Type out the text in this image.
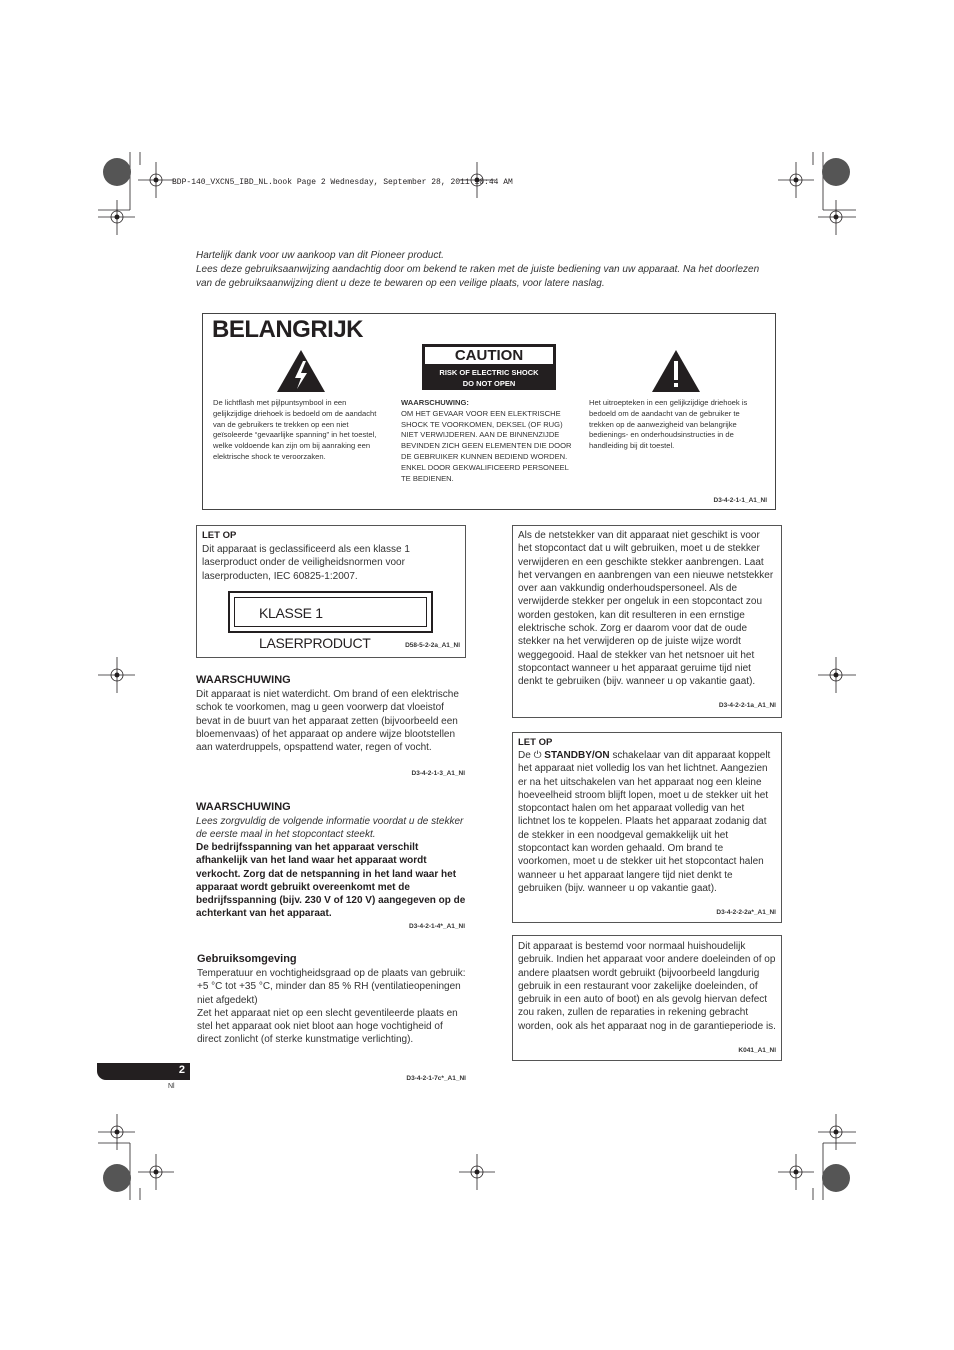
BDP-140_VXCN5_IBD_NL.book Page 2 Wednesday, September 28, 2011 10:44 AM

Hartelijk dank voor uw aankoop van dit Pioneer product.

Lees deze gebruiksaanwijzing aandachtig door om bekend te raken met de juiste bediening van uw apparaat. Na het doorlezen van de gebruiksaanwijzing dient u deze te bewaren op een veilige plaats, voor latere naslag.

BELANGRIJK
CAUTION
RISK OF ELECTRIC SHOCK
DO NOT OPEN
De lichtflash met pijlpuntsymbool in een gelijkzijdige driehoek is bedoeld om de aandacht van de gebruikers te trekken op een niet geïsoleerde “gevaarlijke spanning” in het toestel, welke voldoende kan zijn om bij aanraking een elektrische shock te veroorzaken.
WAARSCHUWING:
OM HET GEVAAR VOOR EEN ELEKTRISCHE SHOCK TE VOORKOMEN, DEKSEL (OF RUG) NIET VERWIJDEREN. AAN DE BINNENZIJDE BEVINDEN ZICH GEEN ELEMENTEN DIE DOOR DE GEBRUIKER KUNNEN BEDIEND WORDEN. ENKEL DOOR GEKWALIFICEERD PERSONEEL TE BEDIENEN.
Het uitroepteken in een gelijkzijdige driehoek is bedoeld om de aandacht van de gebruiker te trekken op de aanwezigheid van belangrijke bedienings- en onderhoudsinstructies in de handleiding bij dit toestel.
D3-4-2-1-1_A1_Nl
LET OP
Dit apparaat is geclassificeerd als een klasse 1 laserproduct onder de veiligheidsnormen voor laserproducten, IEC 60825-1:2007.
KLASSE 1 LASERPRODUCT	D58-5-2-2a_A1_Nl
WAARSCHUWING
Dit apparaat is niet waterdicht. Om brand of een elektrische schok te voorkomen, mag u geen voorwerp dat vloeistof bevat in de buurt van het apparaat zetten (bijvoorbeeld een bloemenvaas) of het apparaat op andere wijze blootstellen aan waterdruppels, opspattend water, regen of vocht.
D3-4-2-1-3_A1_Nl
WAARSCHUWING
Lees zorgvuldig de volgende informatie voordat u de stekker de eerste maal in het stopcontact steekt.
De bedrijfsspanning van het apparaat verschilt afhankelijk van het land waar het apparaat wordt verkocht. Zorg dat de netspanning in het land waar het apparaat wordt gebruikt overeenkomt met de bedrijfsspanning (bijv. 230 V of 120 V) aangegeven op de achterkant van het apparaat.
D3-4-2-1-4*_A1_Nl
Gebruiksomgeving
Temperatuur en vochtigheidsgraad op de plaats van gebruik:
+5 °C tot +35 °C, minder dan 85 % RH (ventilatieopeningen niet afgedekt)
Zet het apparaat niet op een slecht geventileerde plaats en stel het apparaat ook niet bloot aan hoge vochtigheid of direct zonlicht (of sterke kunstmatige verlichting).
D3-4-2-1-7c*_A1_Nl
Als de netstekker van dit apparaat niet geschikt is voor het stopcontact dat u wilt gebruiken, moet u de stekker verwijderen en een geschikte stekker aanbrengen. Laat het vervangen en aanbrengen van een nieuwe netstekker over aan vakkundig onderhoudspersoneel. Als de verwijderde stekker per ongeluk in een stopcontact zou worden gestoken, kan dit resulteren in een ernstige elektrische schok. Zorg er daarom voor dat de oude stekker na het verwijderen op de juiste wijze wordt weggegooid. Haal de stekker van het netsnoer uit het stopcontact wanneer u het apparaat geruime tijd niet denkt te gebruiken (bijv. wanneer u op vakantie gaat).
D3-4-2-2-1a_A1_Nl
LET OP
De ⏻ STANDBY/ON schakelaar van dit apparaat koppelt het apparaat niet volledig los van het lichtnet. Aangezien er na het uitschakelen van het apparaat nog een kleine hoeveelheid stroom blijft lopen, moet u de stekker uit het stopcontact halen om het apparaat volledig van het lichtnet los te koppelen. Plaats het apparaat zodanig dat de stekker in een noodgeval gemakkelijk uit het stopcontact kan worden gehaald. Om brand te voorkomen, moet u de stekker uit het stopcontact halen wanneer u het apparaat langere tijd niet denkt te gebruiken (bijv. wanneer u op vakantie gaat).
D3-4-2-2-2a*_A1_Nl
Dit apparaat is bestemd voor normaal huishoudelijk gebruik. Indien het apparaat voor andere doeleinden of op andere plaatsen wordt gebruikt (bijvoorbeeld langdurig gebruik in een restaurant voor zakelijke doeleinden, of gebruik in een auto of boot) en als gevolg hiervan defect zou raken, zullen de reparaties in rekening gebracht worden, ook als het apparaat nog in de garantieperiode is.
K041_A1_Nl
2
Nl
